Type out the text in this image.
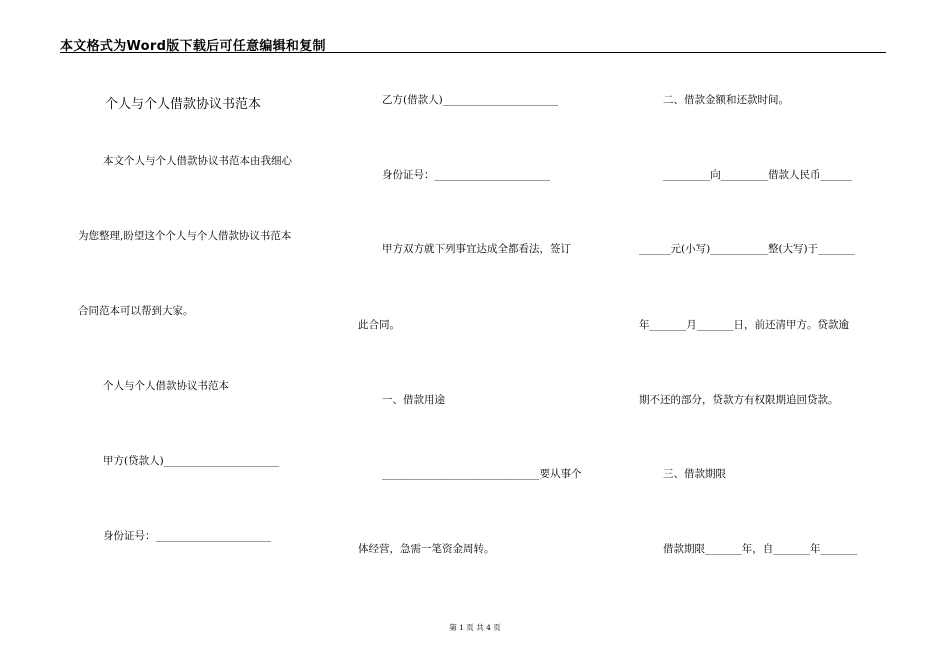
本文格式为Word版下载后可任意编辑和复制
个人与个人借款协议书范本
本文个人与个人借款协议书范本由我细心
为您整理,盼望这个个人与个人借款协议书范本
合同范本可以帮到大家。
个人与个人借款协议书范本
甲方(贷款人)______________________
身份证号：______________________
乙方(借款人)______________________
身份证号：______________________
甲方双方就下列事宜达成全都看法，签订
此合同。
一、借款用途
______________________________要从事个
体经营，急需一笔资金周转。
二、借款金额和还款时间。
_________向_________借款人民币______
______元(小写)___________整(大写)于_______
年_______月_______日，前还清甲方。贷款逾
期不还的部分，贷款方有权限期追回贷款。
三、借款期限
借款期限_______年，自_______年_______
第 1 页 共 4 页
